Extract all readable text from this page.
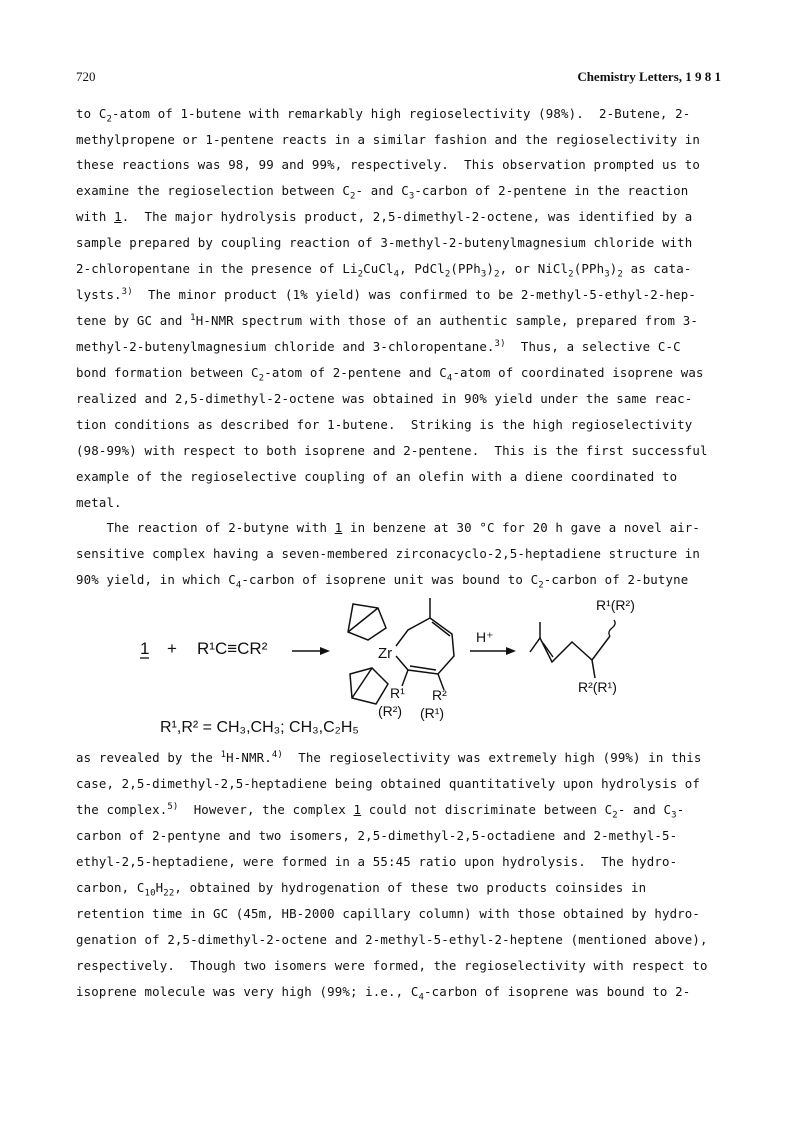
720	Chemistry Letters, 1 9 8 1
to $C_2$-atom of 1-butene with remarkably high regioselectivity (98%).  2-Butene, 2-
methylpropene or 1-pentene reacts in a similar fashion and the regioselectivity in
these reactions was 98, 99 and 99%, respectively.  This observation prompted us to
examine the regioselection between $C_2-$ and $C_3$-carbon of 2-pentene in the reaction
with 1.  The major hydrolysis product, 2,5-dimethyl-2-octene, was identified by a
sample prepared by coupling reaction of 3-methyl-2-butenylmagnesium chloride with
2-chloropentane in the presence of $Li_2CuCl_4$, $PdCl_2(PPh_3)_2$, or $NiCl_2(PPh_3)_2$ as cata-
lysts.$^{3)}$  The minor product (1% yield) was confirmed to be 2-methyl-5-ethyl-2-hep-
tene by GC and $^1$H-NMR spectrum with those of an authentic sample, prepared from 3-
methyl-2-butenylmagnesium chloride and 3-chloropentane.$^{3)}$  Thus, a selective C-C
bond formation between $C_2$-atom of 2-pentene and $C_4$-atom of coordinated isoprene was
realized and 2,5-dimethyl-2-octene was obtained in 90% yield under the same reac-
tion conditions as described for 1-butene.  Striking is the high regioselectivity
(98-99%) with respect to both isoprene and 2-pentene.  This is the first successful
example of the regioselective coupling of an olefin with a diene coordinated to
metal.
The reaction of 2-butyne with 1 in benzene at 30 °C for 20 h gave a novel air-
sensitive complex having a seven-membered zirconacyclo-2,5-heptadiene structure in
90% yield, in which $C_4$-carbon of isoprene unit was bound to $C_2$-carbon of 2-butyne
1 + R¹C≡CR²	Zr
R¹ R²
(R²) (R¹)
H⁺
R¹(R²)
R²(R¹)
R¹,R² = CH₃,CH₃; CH₃,C₂H₅
as revealed by the $^1$H-NMR.$^{4)}$  The regioselectivity was extremely high (99%) in this
case, 2,5-dimethyl-2,5-heptadiene being obtained quantitatively upon hydrolysis of
the complex.$^{5)}$  However, the complex 1 could not discriminate between $C_2-$ and $C_3-$
carbon of 2-pentyne and two isomers, 2,5-dimethyl-2,5-octadiene and 2-methyl-5-
ethyl-2,5-heptadiene, were formed in a 55:45 ratio upon hydrolysis.  The hydro-
carbon, $C_{10}H_{22}$, obtained by hydrogenation of these two products coinsides in
retention time in GC (45m, HB-2000 capillary column) with those obtained by hydro-
genation of 2,5-dimethyl-2-octene and 2-methyl-5-ethyl-2-heptene (mentioned above),
respectively.  Though two isomers were formed, the regioselectivity with respect to
isoprene molecule was very high (99%; i.e., $C_4$-carbon of isoprene was bound to 2-
